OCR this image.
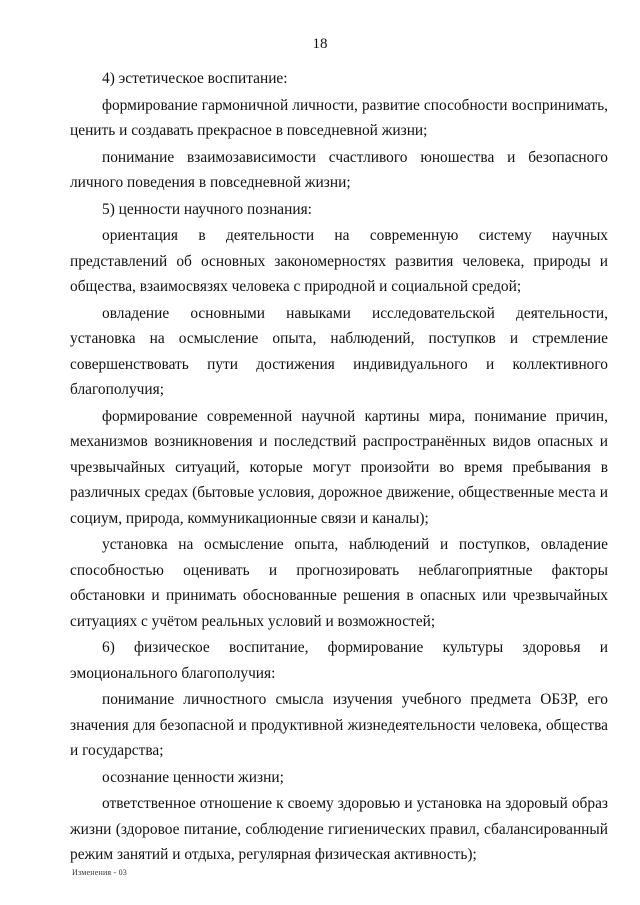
18

4) эстетическое воспитание:

формирование гармоничной личности, развитие способности воспринимать, ценить и создавать прекрасное в повседневной жизни;

понимание взаимозависимости счастливого юношества и безопасного личного поведения в повседневной жизни;

5) ценности научного познания:

ориентация в деятельности на современную систему научных представлений об основных закономерностях развития человека, природы и общества, взаимосвязях человека с природной и социальной средой;

овладение основными навыками исследовательской деятельности, установка на осмысление опыта, наблюдений, поступков и стремление совершенствовать пути достижения индивидуального и коллективного благополучия;

формирование современной научной картины мира, понимание причин, механизмов возникновения и последствий распространённых видов опасных и чрезвычайных ситуаций, которые могут произойти во время пребывания в различных средах (бытовые условия, дорожное движение, общественные места и социум, природа, коммуникационные связи и каналы);

установка на осмысление опыта, наблюдений и поступков, овладение способностью оценивать и прогнозировать неблагоприятные факторы обстановки и принимать обоснованные решения в опасных или чрезвычайных ситуациях с учётом реальных условий и возможностей;

6) физическое воспитание, формирование культуры здоровья и эмоционального благополучия:

понимание личностного смысла изучения учебного предмета ОБЗР, его значения для безопасной и продуктивной жизнедеятельности человека, общества и государства;

осознание ценности жизни;

ответственное отношение к своему здоровью и установка на здоровый образ жизни (здоровое питание, соблюдение гигиенических правил, сбалансированный режим занятий и отдыха, регулярная физическая активность);

Изменения - 03
